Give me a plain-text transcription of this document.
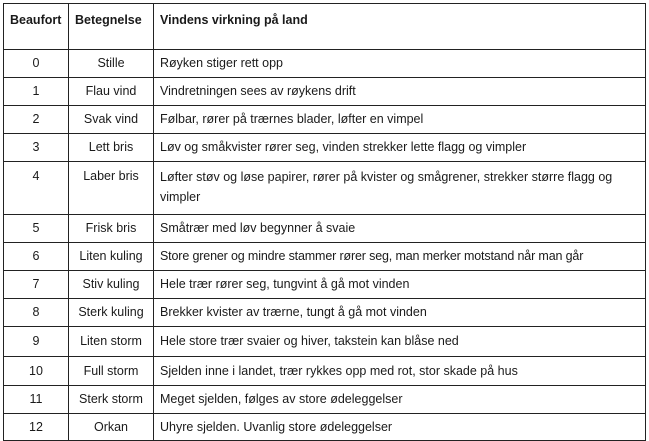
Beaufort	Betegnelse	Vindens virkning på land
0	Stille	Røyken stiger rett opp
1	Flau vind	Vindretningen sees av røykens drift
2	Svak vind	Følbar, rører på trærnes blader, løfter en vimpel
3	Lett bris	Løv og småkvister rører seg, vinden strekker lette flagg og vimpler
4	Laber bris	Løfter støv og løse papirer, rører på kvister og smågrener, strekker større flagg og vimpler
5	Frisk bris	Småtrær med løv begynner å svaie
6	Liten kuling	Store grener og mindre stammer rører seg, man merker motstand når man går
7	Stiv kuling	Hele trær rører seg, tungvint å gå mot vinden
8	Sterk kuling	Brekker kvister av trærne, tungt å gå mot vinden
9	Liten storm	Hele store trær svaier og hiver, takstein kan blåse ned
10	Full storm	Sjelden inne i landet, trær rykkes opp med rot, stor skade på hus
11	Sterk storm	Meget sjelden, følges av store ødeleggelser
12	Orkan	Uhyre sjelden. Uvanlig store ødeleggelser
